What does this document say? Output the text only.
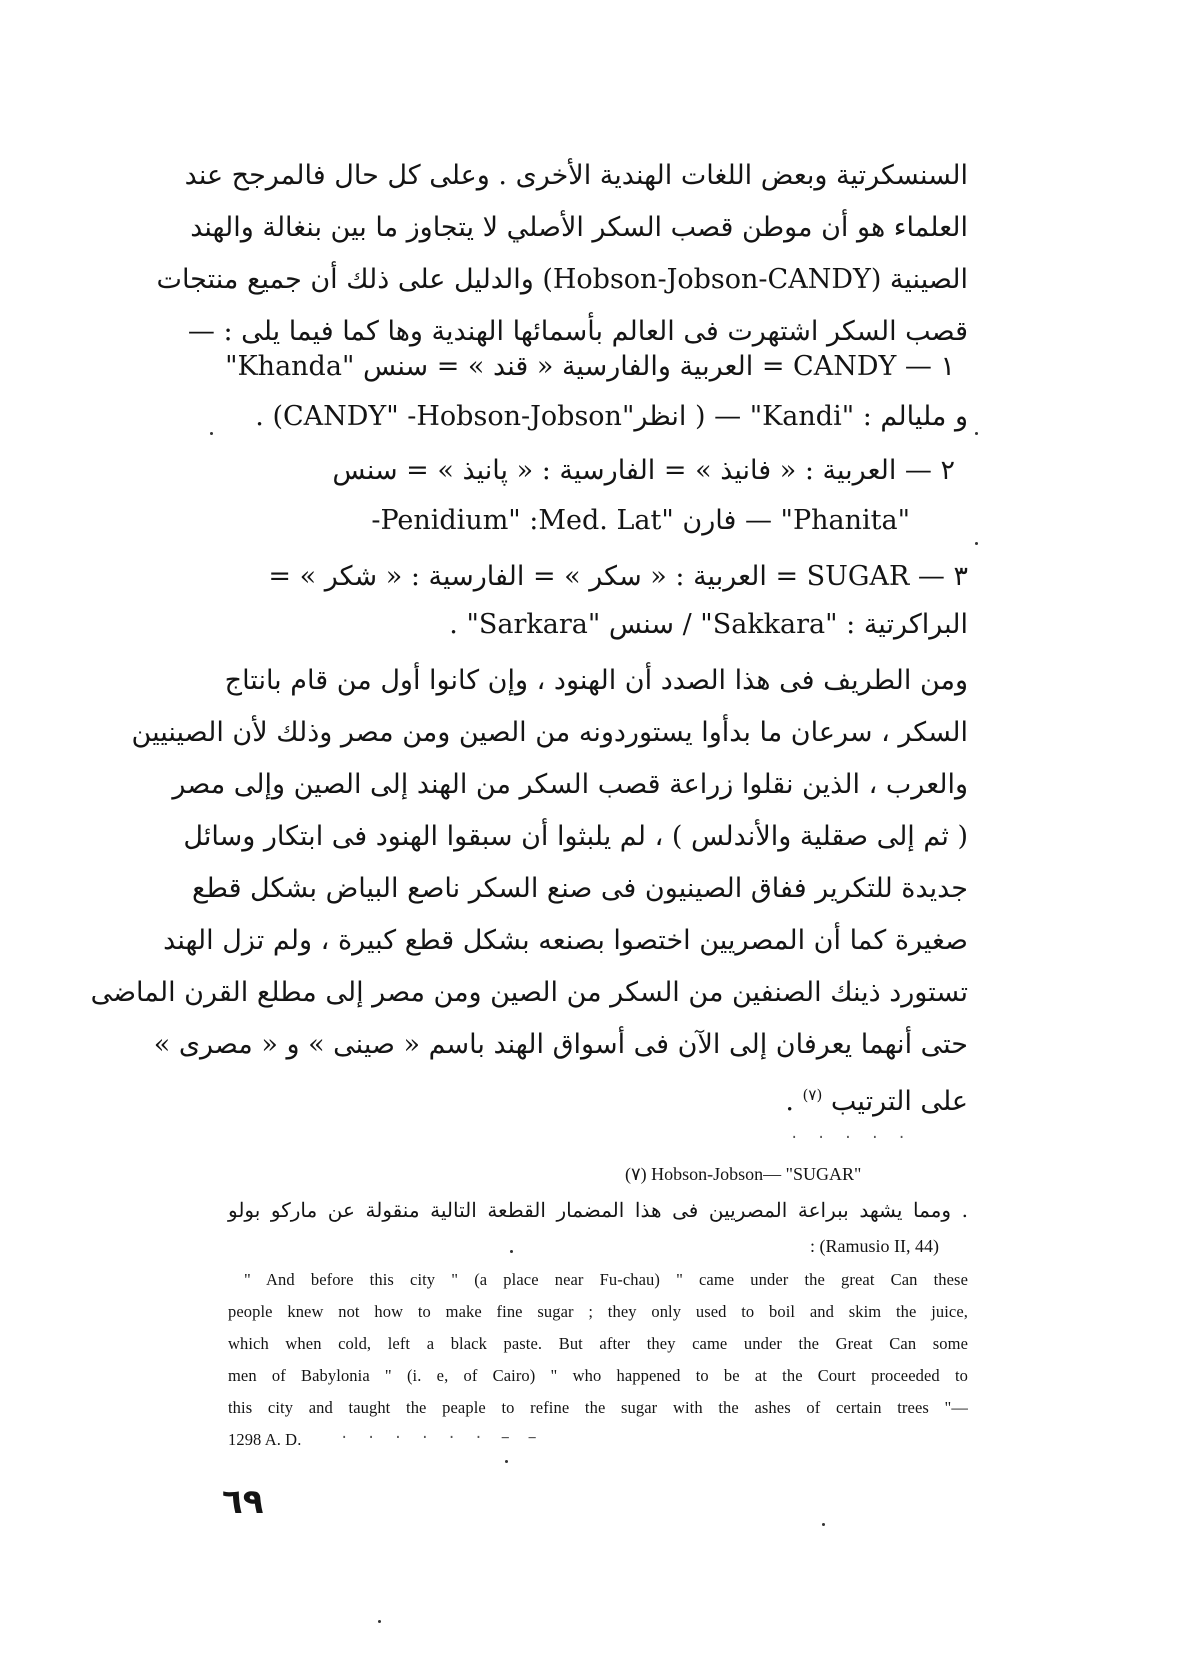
السنسكرتية وبعض اللغات الهندية الأخرى . وعلى كل حال فالمرجح عند
العلماء هو أن موطن قصب السكر الأصلي لا يتجاوز ما بين بنغالة والهند
الصينية (Hobson-Jobson-CANDY) والدليل على ذلك أن جميع منتجات
قصب السكر اشتهرت فى العالم بأسمائها الهندية وها كما فيما يلى : —
١ — CANDY = العربية والفارسية « قند » = سنس "Khanda"
و مليالم : "Kandi" — ( انظر"CANDY" -Hobson-Jobson) .
٢ — العربية : « فانيذ » = الفارسية : « پانيذ » = سنس
"Phanita" — فارن "Penidium" :Med. Lat-
٣ — SUGAR = العربية : « سكر » = الفارسية : « شكر » =
البراكرتية : "Sakkara" / سنس "Sarkara" .
ومن الطريف فى هذا الصدد أن الهنود ، وإن كانوا أول من قام بانتاج
السكر ، سرعان ما بدأوا يستوردونه من الصين ومن مصر وذلك لأن الصينيين
والعرب ، الذين نقلوا زراعة قصب السكر من الهند إلى الصين وإلى مصر
( ثم إلى صقلية والأندلس ) ، لم يلبثوا أن سبقوا الهنود فى ابتكار وسائل
جديدة للتكرير ففاق الصينيون فى صنع السكر ناصع البياض بشكل قطع
صغيرة كما أن المصريين اختصوا بصنعه بشكل قطع كبيرة ، ولم تزل الهند
تستورد ذينك الصنفين من السكر من الصين ومن مصر إلى مطلع القرن الماضى
حتى أنهما يعرفان إلى الآن فى أسواق الهند باسم « صينى » و « مصرى »
على الترتيب $^{(٧)}$ .
(٧) Hobson-Jobson— "SUGAR"
. ومما يشهد ببراعة المصريين فى هذا المضمار القطعة التالية منقولة عن ماركو بولو
: (Ramusio II, 44)
" And before this city " (a place near Fu-chau) " came under the great Can these
people knew not how to make fine sugar ; they only used to boil and skim the juice,
which when cold, left a black paste. But after they came under the Great Can some
men of Babylonia " (i. e, of Cairo) " who happened to be at the Court proceeded to
this city and taught the peaple to refine the sugar with the ashes of certain trees "—
1298 A. D.
٦٩
· · · · ·
· · · · · · − −
